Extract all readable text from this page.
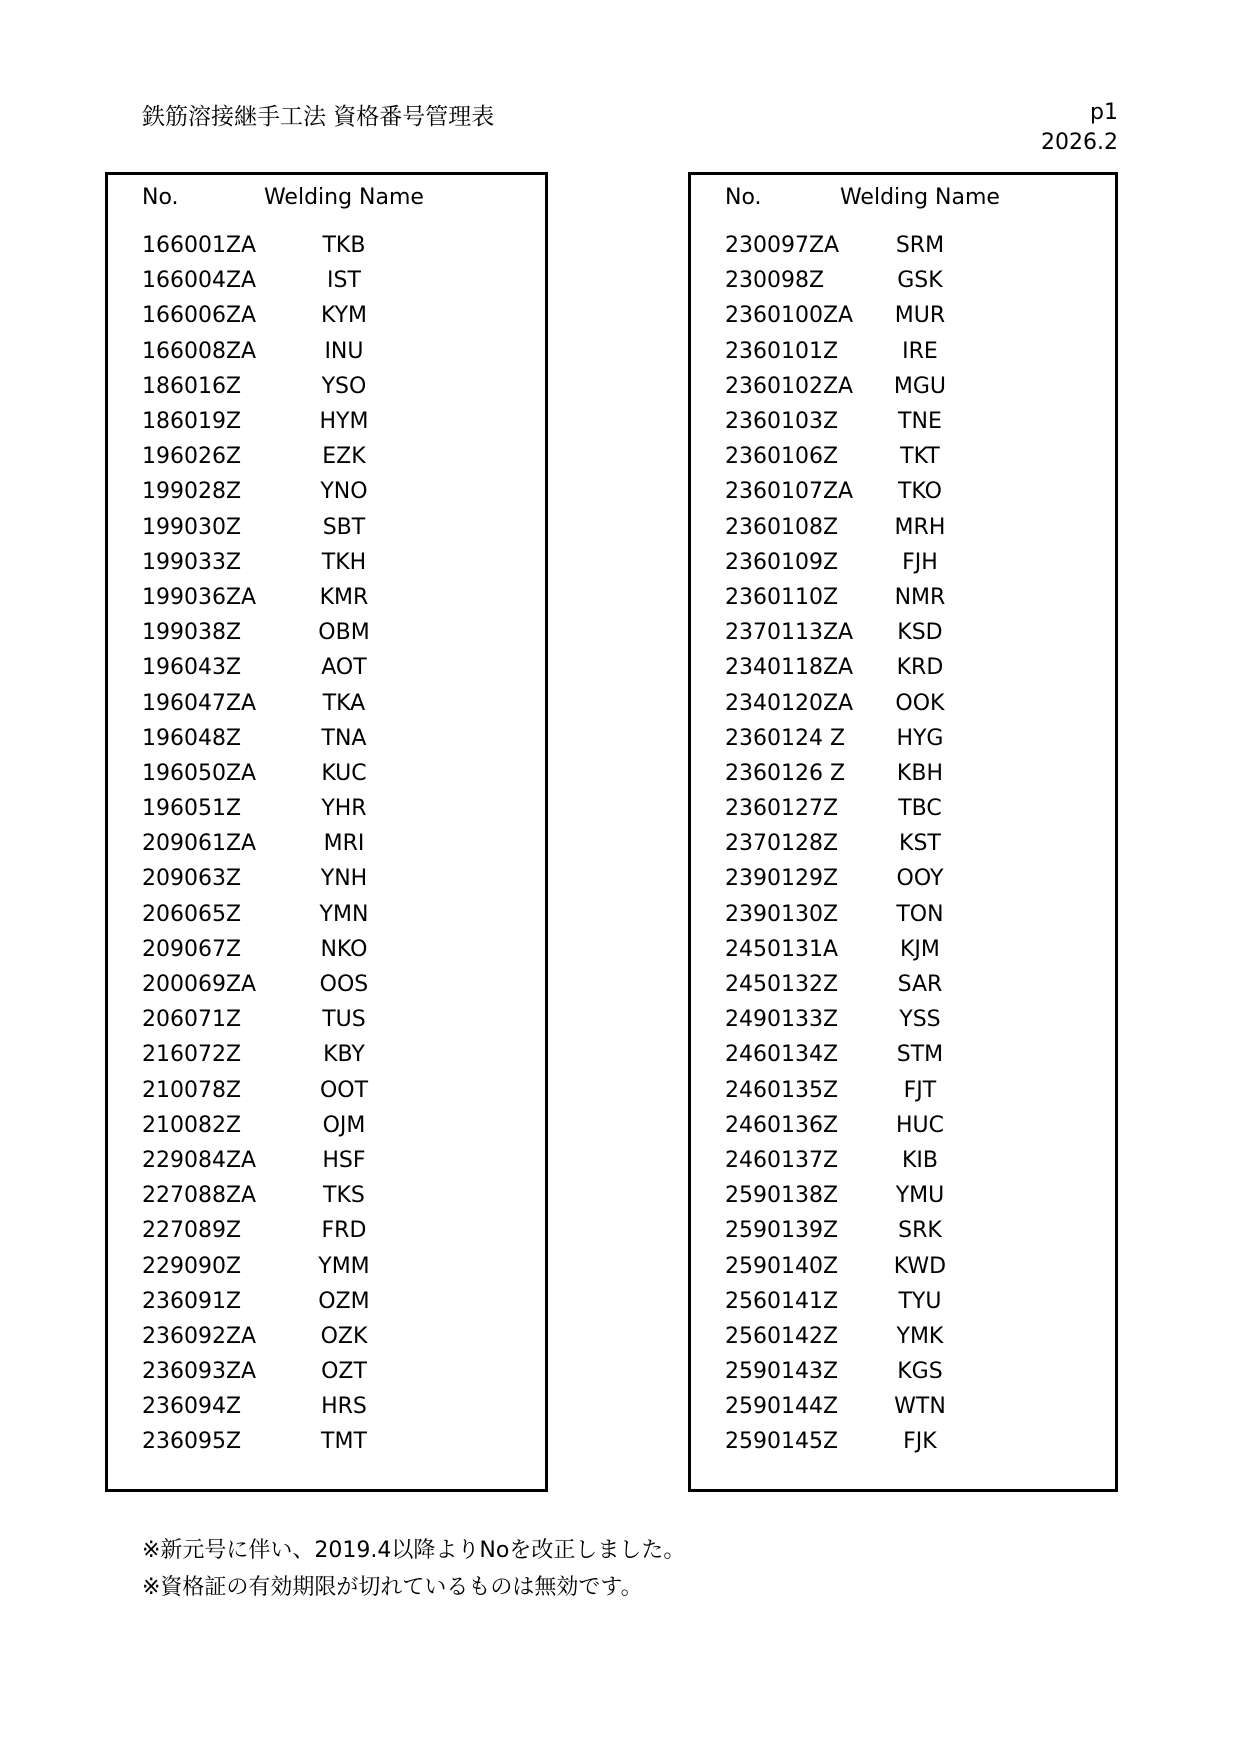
鉄筋溶接継手工法 資格番号管理表	p1
2026.2
No.	Welding Name
166001ZA	TKB
166004ZA	IST
166006ZA	KYM
166008ZA	INU
186016Z	YSO
186019Z	HYM
196026Z	EZK
199028Z	YNO
199030Z	SBT
199033Z	TKH
199036ZA	KMR
199038Z	OBM
196043Z	AOT
196047ZA	TKA
196048Z	TNA
196050ZA	KUC
196051Z	YHR
209061ZA	MRI
209063Z	YNH
206065Z	YMN
209067Z	NKO
200069ZA	OOS
206071Z	TUS
216072Z	KBY
210078Z	OOT
210082Z	OJM
229084ZA	HSF
227088ZA	TKS
227089Z	FRD
229090Z	YMM
236091Z	OZM
236092ZA	OZK
236093ZA	OZT
236094Z	HRS
236095Z	TMT
No.	Welding Name
230097ZA	SRM
230098Z	GSK
2360100ZA	MUR
2360101Z	IRE
2360102ZA	MGU
2360103Z	TNE
2360106Z	TKT
2360107ZA	TKO
2360108Z	MRH
2360109Z	FJH
2360110Z	NMR
2370113ZA	KSD
2340118ZA	KRD
2340120ZA	OOK
2360124 Z	HYG
2360126 Z	KBH
2360127Z	TBC
2370128Z	KST
2390129Z	OOY
2390130Z	TON
2450131A	KJM
2450132Z	SAR
2490133Z	YSS
2460134Z	STM
2460135Z	FJT
2460136Z	HUC
2460137Z	KIB
2590138Z	YMU
2590139Z	SRK
2590140Z	KWD
2560141Z	TYU
2560142Z	YMK
2590143Z	KGS
2590144Z	WTN
2590145Z	FJK
※新元号に伴い、2019.4以降よりNoを改正しました。
※資格証の有効期限が切れているものは無効です。
